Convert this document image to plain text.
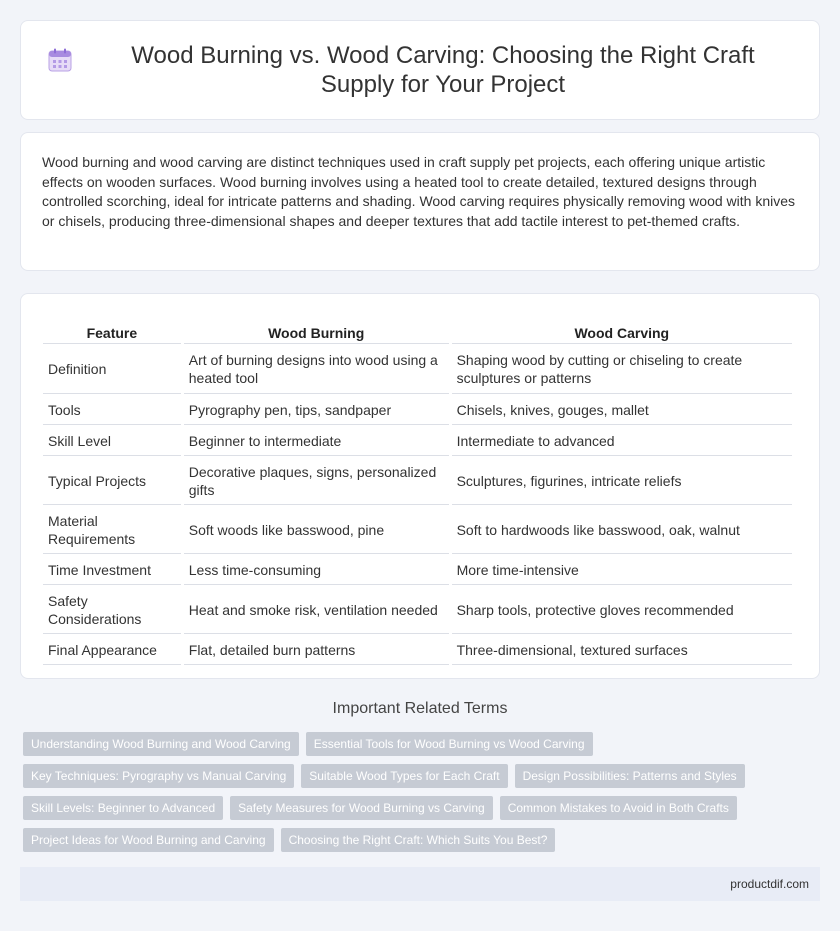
Wood Burning vs. Wood Carving: Choosing the Right Craft Supply for Your Project

Wood burning and wood carving are distinct techniques used in craft supply pet projects, each offering unique artistic effects on wooden surfaces. Wood burning involves using a heated tool to create detailed, textured designs through controlled scorching, ideal for intricate patterns and shading. Wood carving requires physically removing wood with knives or chisels, producing three-dimensional shapes and deeper textures that add tactile interest to pet-themed crafts.

Feature	Wood Burning	Wood Carving
Definition	Art of burning designs into wood using a heated tool	Shaping wood by cutting or chiseling to create sculptures or patterns
Tools	Pyrography pen, tips, sandpaper	Chisels, knives, gouges, mallet
Skill Level	Beginner to intermediate	Intermediate to advanced
Typical Projects	Decorative plaques, signs, personalized gifts	Sculptures, figurines, intricate reliefs
Material Requirements	Soft woods like basswood, pine	Soft to hardwoods like basswood, oak, walnut
Time Investment	Less time-consuming	More time-intensive
Safety Considerations	Heat and smoke risk, ventilation needed	Sharp tools, protective gloves recommended
Final Appearance	Flat, detailed burn patterns	Three-dimensional, textured surfaces
Important Related Terms
Understanding Wood Burning and Wood Carving	Essential Tools for Wood Burning vs Wood Carving
Key Techniques: Pyrography vs Manual Carving	Suitable Wood Types for Each Craft	Design Possibilities: Patterns and Styles
Skill Levels: Beginner to Advanced	Safety Measures for Wood Burning vs Carving	Common Mistakes to Avoid in Both Crafts
Project Ideas for Wood Burning and Carving	Choosing the Right Craft: Which Suits You Best?
productdif.com
